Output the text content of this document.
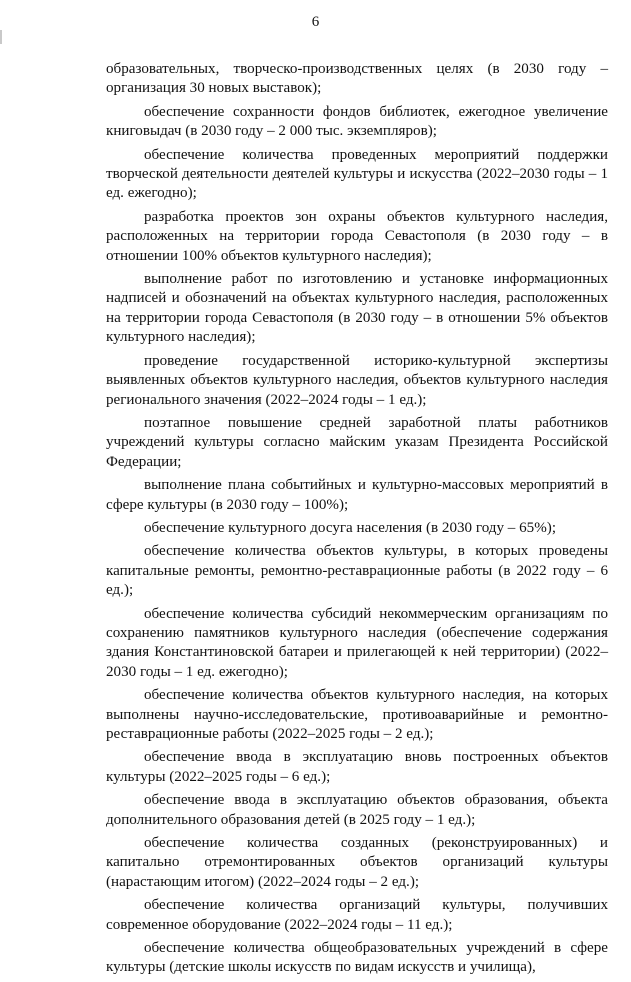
6

образовательных, творческо-производственных целях (в 2030 году – организация 30 новых выставок);

обеспечение сохранности фондов библиотек, ежегодное увеличение книговыдач (в 2030 году – 2 000 тыс. экземпляров);

обеспечение количества проведенных мероприятий поддержки творческой деятельности деятелей культуры и искусства (2022–2030 годы – 1 ед. ежегодно);

разработка проектов зон охраны объектов культурного наследия, расположенных на территории города Севастополя (в 2030 году – в отношении 100% объектов культурного наследия);

выполнение работ по изготовлению и установке информационных надписей и обозначений на объектах культурного наследия, расположенных на территории города Севастополя (в 2030 году – в отношении 5% объектов культурного наследия);

проведение государственной историко-культурной экспертизы выявленных объектов культурного наследия, объектов культурного наследия регионального значения (2022–2024 годы – 1 ед.);

поэтапное повышение средней заработной платы работников учреждений культуры согласно майским указам Президента Российской Федерации;

выполнение плана событийных и культурно-массовых мероприятий в сфере культуры (в 2030 году – 100%);

обеспечение культурного досуга населения (в 2030 году – 65%);

обеспечение количества объектов культуры, в которых проведены капитальные ремонты, ремонтно-реставрационные работы (в 2022 году – 6 ед.);

обеспечение количества субсидий некоммерческим организациям по сохранению памятников культурного наследия (обеспечение содержания здания Константиновской батареи и прилегающей к ней территории) (2022–2030 годы – 1 ед. ежегодно);

обеспечение количества объектов культурного наследия, на которых выполнены научно-исследовательские, противоаварийные и ремонтно-реставрационные работы (2022–2025 годы – 2 ед.);

обеспечение ввода в эксплуатацию вновь построенных объектов культуры (2022–2025 годы – 6 ед.);

обеспечение ввода в эксплуатацию объектов образования, объекта дополнительного образования детей (в 2025 году – 1 ед.);

обеспечение количества созданных (реконструированных) и капитально отремонтированных объектов организаций культуры (нарастающим итогом) (2022–2024 годы – 2 ед.);

обеспечение количества организаций культуры, получивших современное оборудование (2022–2024 годы – 11 ед.);

обеспечение количества общеобразовательных учреждений в сфере культуры (детские школы искусств по видам искусств и училища),
